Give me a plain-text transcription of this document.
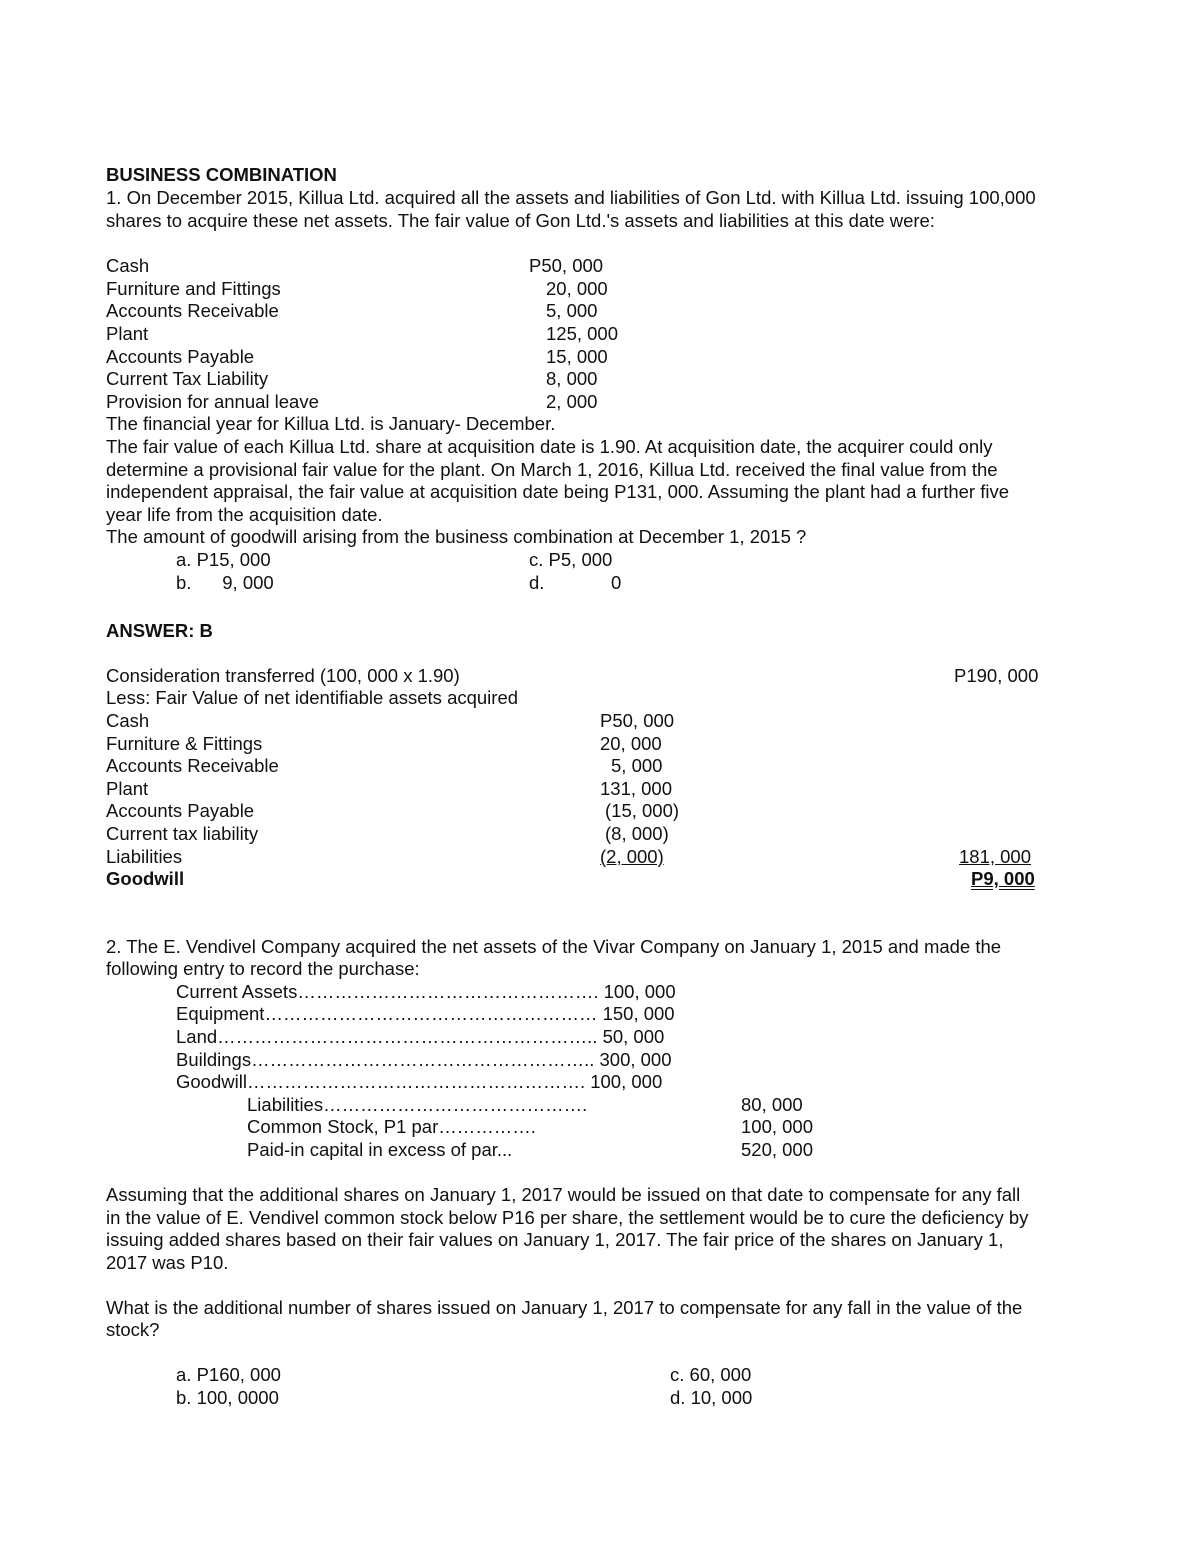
BUSINESS COMBINATION
1. On December 2015, Killua Ltd. acquired all the assets and liabilities of Gon Ltd. with Killua Ltd. issuing 100,000
shares to acquire these net assets. The fair value of Gon Ltd.'s assets and liabilities at this date were:
Cash	P50, 000
Furniture and Fittings	20, 000
Accounts Receivable	5, 000
Plant	125, 000
Accounts Payable	15, 000
Current Tax Liability	8, 000
Provision for annual leave	2, 000
The financial year for Killua Ltd. is January- December.
The fair value of each Killua Ltd. share at acquisition date is 1.90. At acquisition date, the acquirer could only
determine a provisional fair value for the plant. On March 1, 2016, Killua Ltd. received the final value from the
independent appraisal, the fair value at acquisition date being P131, 000. Assuming the plant had a further five
year life from the acquisition date.
The amount of goodwill arising from the business combination at December 1, 2015 ?
a. P15, 000	c. P5, 000
b.      9, 000	d.	0
ANSWER: B
Consideration transferred (100, 000 x 1.90)	P190, 000
Less: Fair Value of net identifiable assets acquired
Cash	P50, 000
Furniture & Fittings	20, 000
Accounts Receivable	5, 000
Plant	131, 000
Accounts Payable	(15, 000)
Current tax liability	(8, 000)
Liabilities	(2, 000)	181, 000
Goodwill	P9, 000
2. The E. Vendivel Company acquired the net assets of the Vivar Company on January 1, 2015 and made the
following entry to record the purchase:
Current Assets…………………………………………. 100, 000
Equipment……………………………………………… 150, 000
Land…………………………………………………….. 50, 000
Buildings……………………………………………….. 300, 000
Goodwill………………………………………………. 100, 000
Liabilities…………………………………….	80, 000
Common Stock, P1 par…………….	100, 000
Paid-in capital in excess of par...	520, 000
Assuming that the additional shares on January 1, 2017 would be issued on that date to compensate for any fall
in the value of E. Vendivel common stock below P16 per share, the settlement would be to cure the deficiency by
issuing added shares based on their fair values on January 1, 2017. The fair price of the shares on January 1,
2017 was P10.
What is the additional number of shares issued on January 1, 2017 to compensate for any fall in the value of the
stock?
a. P160, 000	c. 60, 000
b. 100, 0000	d. 10, 000
